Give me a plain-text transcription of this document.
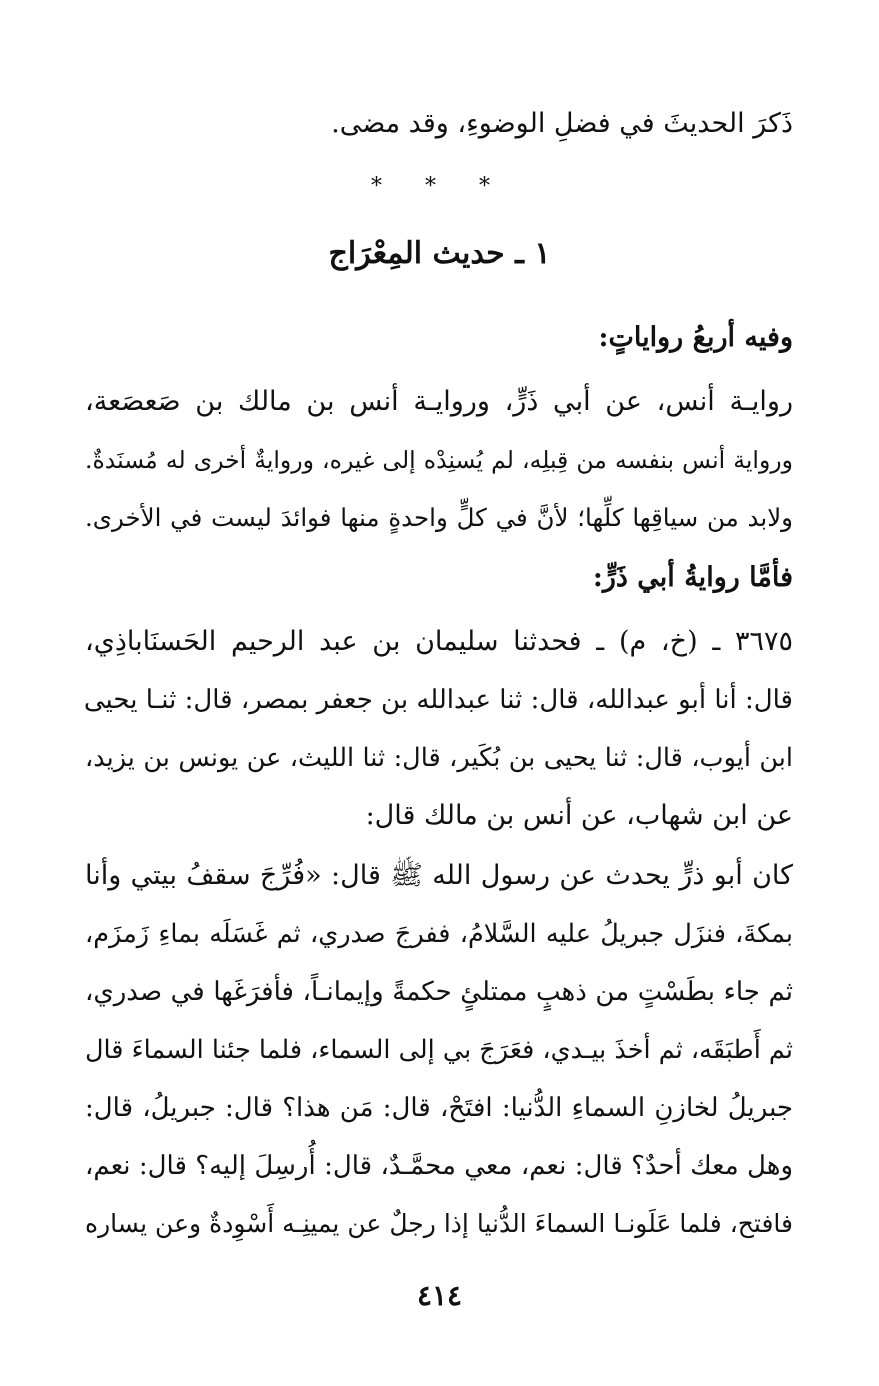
ذَكرَ الحديثَ في فضلِ الوضوءِ، وقد مضى.
* * *
١ ـ حديث المِعْرَاج
وفيه أربعُ رواياتٍ:
روايـة أنس، عن أبي ذَرٍّ، وروايـة أنس بن مالك بن صَعصَعة،
ورواية أنس بنفسه من قِبلِه، لم يُسنِدْه إلى غيره، وروايةٌ أخرى له مُسنَدةٌ.
ولابد من سياقِها كلِّها؛ لأنَّ في كلٍّ واحدةٍ منها فوائدَ ليست في الأخرى.
فأمَّا روايةُ أبي ذَرٍّ:
٣٦٧٥ ـ (خ، م) ـ فحدثنا سليمان بن عبد الرحيم الحَسنَاباذِي،
قال: أنا أبو عبدالله، قال: ثنا عبدالله بن جعفر بمصر، قال: ثنـا يحيى
ابن أيوب، قال: ثنا يحيى بن بُكَير، قال: ثنا الليث، عن يونس بن يزيد،
عن ابن شهاب، عن أنس بن مالك قال:
كان أبو ذرٍّ يحدث عن رسول الله ﷺ قال: «فُرِّجَ سقفُ بيتي وأنا
بمكةَ، فنزَل جبريلُ عليه السَّلامُ، ففرجَ صدري، ثم غَسَلَه بماءِ زَمزَم،
ثم جاء بطَسْتٍ من ذهبٍ ممتلئٍ حكمةً وإيمانـاً، فأفرَغَها في صدري،
ثم أَطبَقَه، ثم أخذَ بيـدي، فعَرَجَ بي إلى السماء، فلما جئنا السماءَ قال
جبريلُ لخازنِ السماءِ الدُّنيا: افتَحْ، قال: مَن هذا؟ قال: جبريلُ، قال:
وهل معك أحدٌ؟ قال: نعم، معي محمَّـدٌ، قال: أُرسِلَ إليه؟ قال: نعم،
فافتح، فلما عَلَونـا السماءَ الدُّنيا إذا رجلٌ عن يمينِـه أَسْوِدةٌ وعن يساره
٤١٤
